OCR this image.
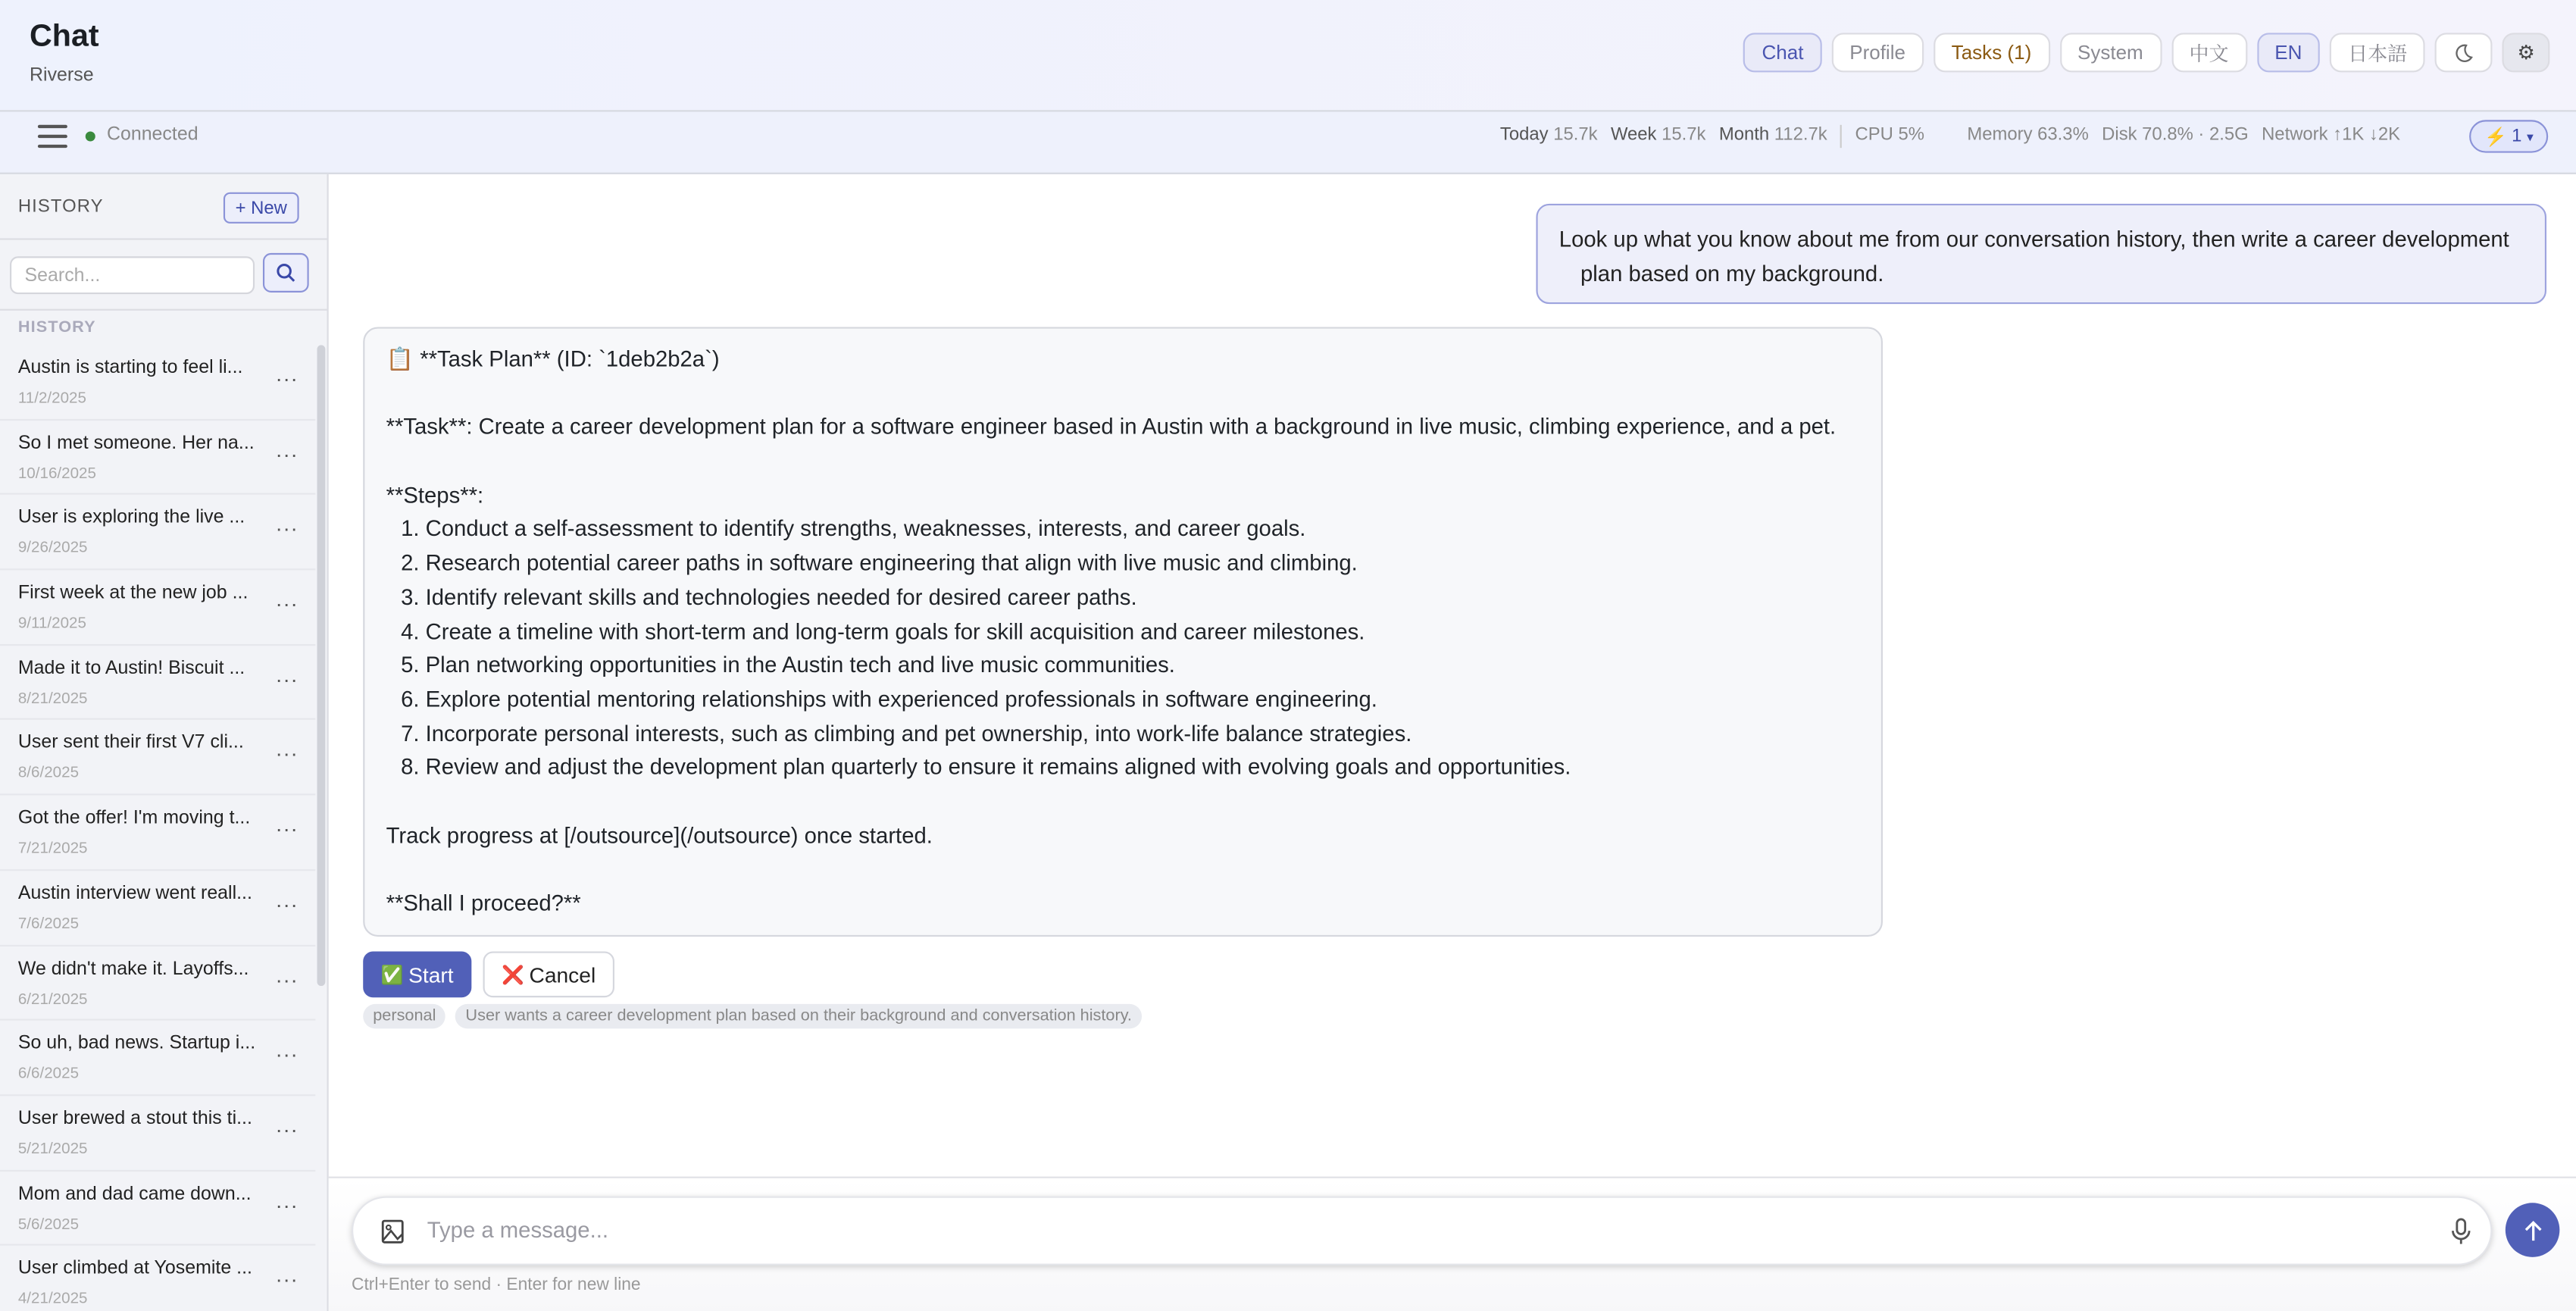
Chat
Riverse
Chat	Profile	Tasks (1)	System	中文	EN	日本語	⚙
Connected	Today 15.7k Week 15.7k Month 112.7k	CPU 5%	Memory 63.3% Disk 70.8% · 2.5G Network ↑1K ↓2K	⚡ 1 ▾
HISTORY	+ New
Search...
HISTORY
Austin is starting to feel li...
11/2/2025
...
So I met someone. Her na...
10/16/2025
...
User is exploring the live ...
9/26/2025
...
First week at the new job ...
9/11/2025
...
Made it to Austin! Biscuit ...
8/21/2025
...
User sent their first V7 cli...
8/6/2025
...
Got the offer! I'm moving t...
7/21/2025
...
Austin interview went reall...
7/6/2025
...
We didn't make it. Layoffs...
6/21/2025
...
So uh, bad news. Startup i...
6/6/2025
...
User brewed a stout this ti...
5/21/2025
...
Mom and dad came down...
5/6/2025
...
User climbed at Yosemite ...
4/21/2025
...
Look up what you know about me from our conversation history, then write a career development
plan based on my background.
📋 **Task Plan** (ID: `1deb2b2a`)
**Task**: Create a career development plan for a software engineer based in Austin with a background in live music, climbing experience, and a pet.
**Steps**:
1. Conduct a self-assessment to identify strengths, weaknesses, interests, and career goals.
2. Research potential career paths in software engineering that align with live music and climbing.
3. Identify relevant skills and technologies needed for desired career paths.
4. Create a timeline with short-term and long-term goals for skill acquisition and career milestones.
5. Plan networking opportunities in the Austin tech and live music communities.
6. Explore potential mentoring relationships with experienced professionals in software engineering.
7. Incorporate personal interests, such as climbing and pet ownership, into work-life balance strategies.
8. Review and adjust the development plan quarterly to ensure it remains aligned with evolving goals and opportunities.
Track progress at [/outsource](/outsource) once started.
**Shall I proceed?**
✅ Start	❌ Cancel
personal	User wants a career development plan based on their background and conversation history.
Type a message...
Ctrl+Enter to send · Enter for new line
